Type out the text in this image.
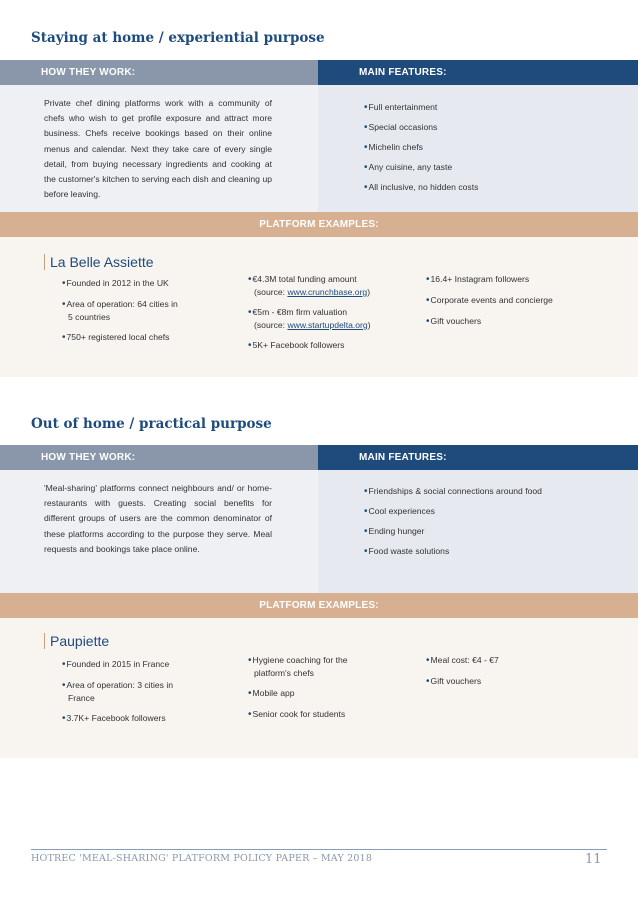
Staying at home / experiential purpose
HOW THEY WORK:	MAIN FEATURES:
Private chef dining platforms work with a community of chefs who wish to get profile exposure and attract more business. Chefs receive bookings based on their online menus and calendar. Next they take care of every single detail, from buying necessary ingredients and cooking at the customer's kitchen to serving each dish and cleaning up before leaving.
•Full entertainment
•Special occasions
•Michelin chefs
•Any cuisine, any taste
•All inclusive, no hidden costs
PLATFORM EXAMPLES:
La Belle Assiette
•Founded in 2012 in the UK
•Area of operation: 64 cities in
5 countries
•750+ registered local chefs
•€4.3M total funding amount
(source: www.crunchbase.org)
•€5m - €8m firm valuation
(source: www.startupdelta.org)
•5K+ Facebook followers
•16.4+ Instagram followers
•Corporate events and concierge
•Gift vouchers
Out of home / practical purpose
HOW THEY WORK:	MAIN FEATURES:
'Meal-sharing' platforms connect neighbours and/ or home-restaurants with guests. Creating social benefits for different groups of users are the common denominator of these platforms according to the purpose they serve. Meal requests and bookings take place online.
•Friendships & social connections around food
•Cool experiences
•Ending hunger
•Food waste solutions
PLATFORM EXAMPLES:
Paupiette
•Founded in 2015 in France
•Area of operation: 3 cities in
France
•3.7K+ Facebook followers
•Hygiene coaching for the
platform's chefs
•Mobile app
•Senior cook for students
•Meal cost: €4 - €7
•Gift vouchers
HOTREC 'MEAL-SHARING' PLATFORM POLICY PAPER – MAY 2018	11
